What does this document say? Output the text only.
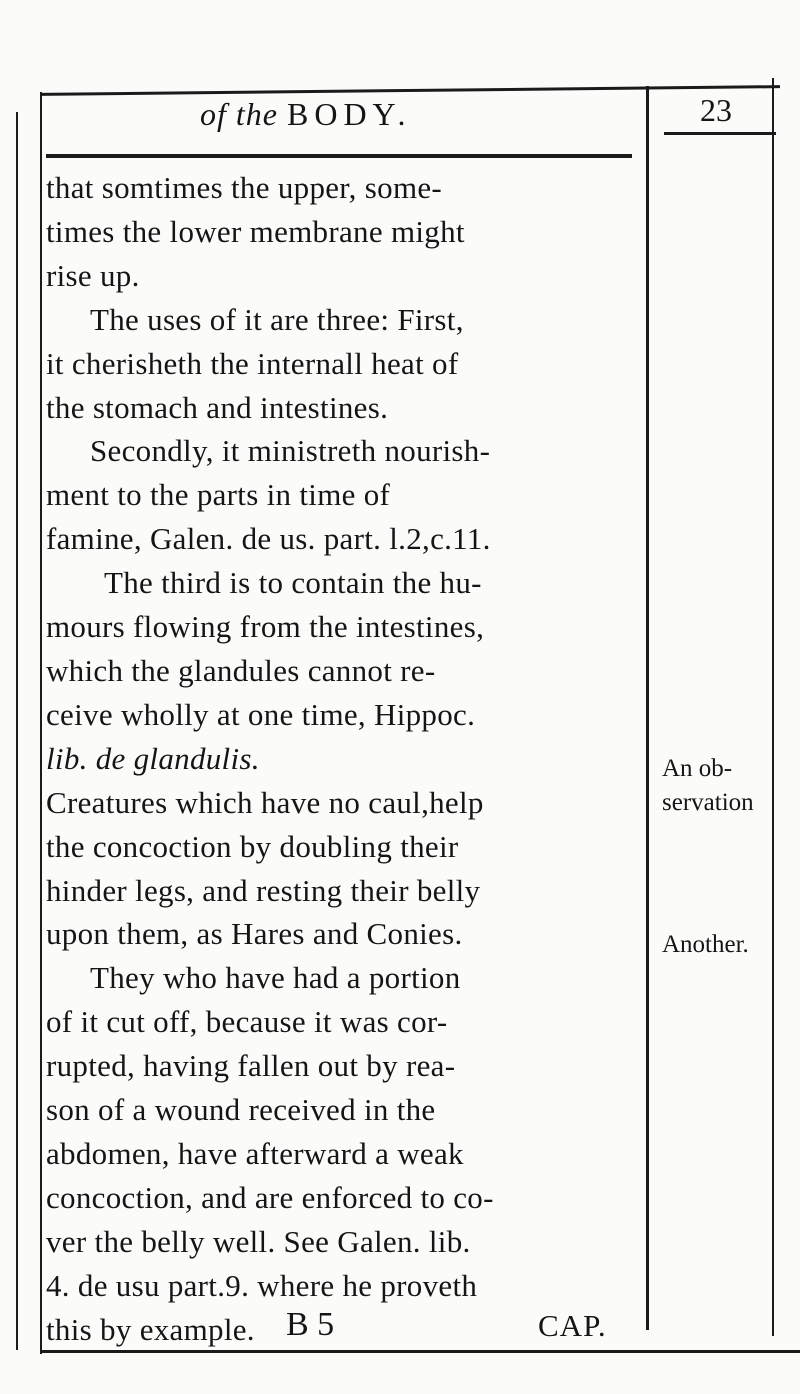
of the BODY.	23
that somtimes the upper, some-
times the lower membrane might
rise up.
The uses of it are three: First,
it cherisheth the internall heat of
the stomach and intestines.
Secondly, it ministreth nourish-
ment to the parts in time of
famine, Galen. de us. part. l.2,c.11.
The third is to contain the hu-
mours flowing from the intestines,
which the glandules cannot re-
ceive wholly at one time, Hippoc.
lib. de glandulis.
Creatures which have no caul,help
the concoction by doubling their
hinder legs, and resting their belly
upon them, as Hares and Conies.
They who have had a portion
of it cut off, because it was cor-
rupted, having fallen out by rea-
son of a wound received in the
abdomen, have afterward a weak
concoction, and are enforced to co-
ver the belly well. See Galen. lib.
4. de usu part.9. where he proveth
this by example.
An ob-
servation
Another.
B 5	CAP.
